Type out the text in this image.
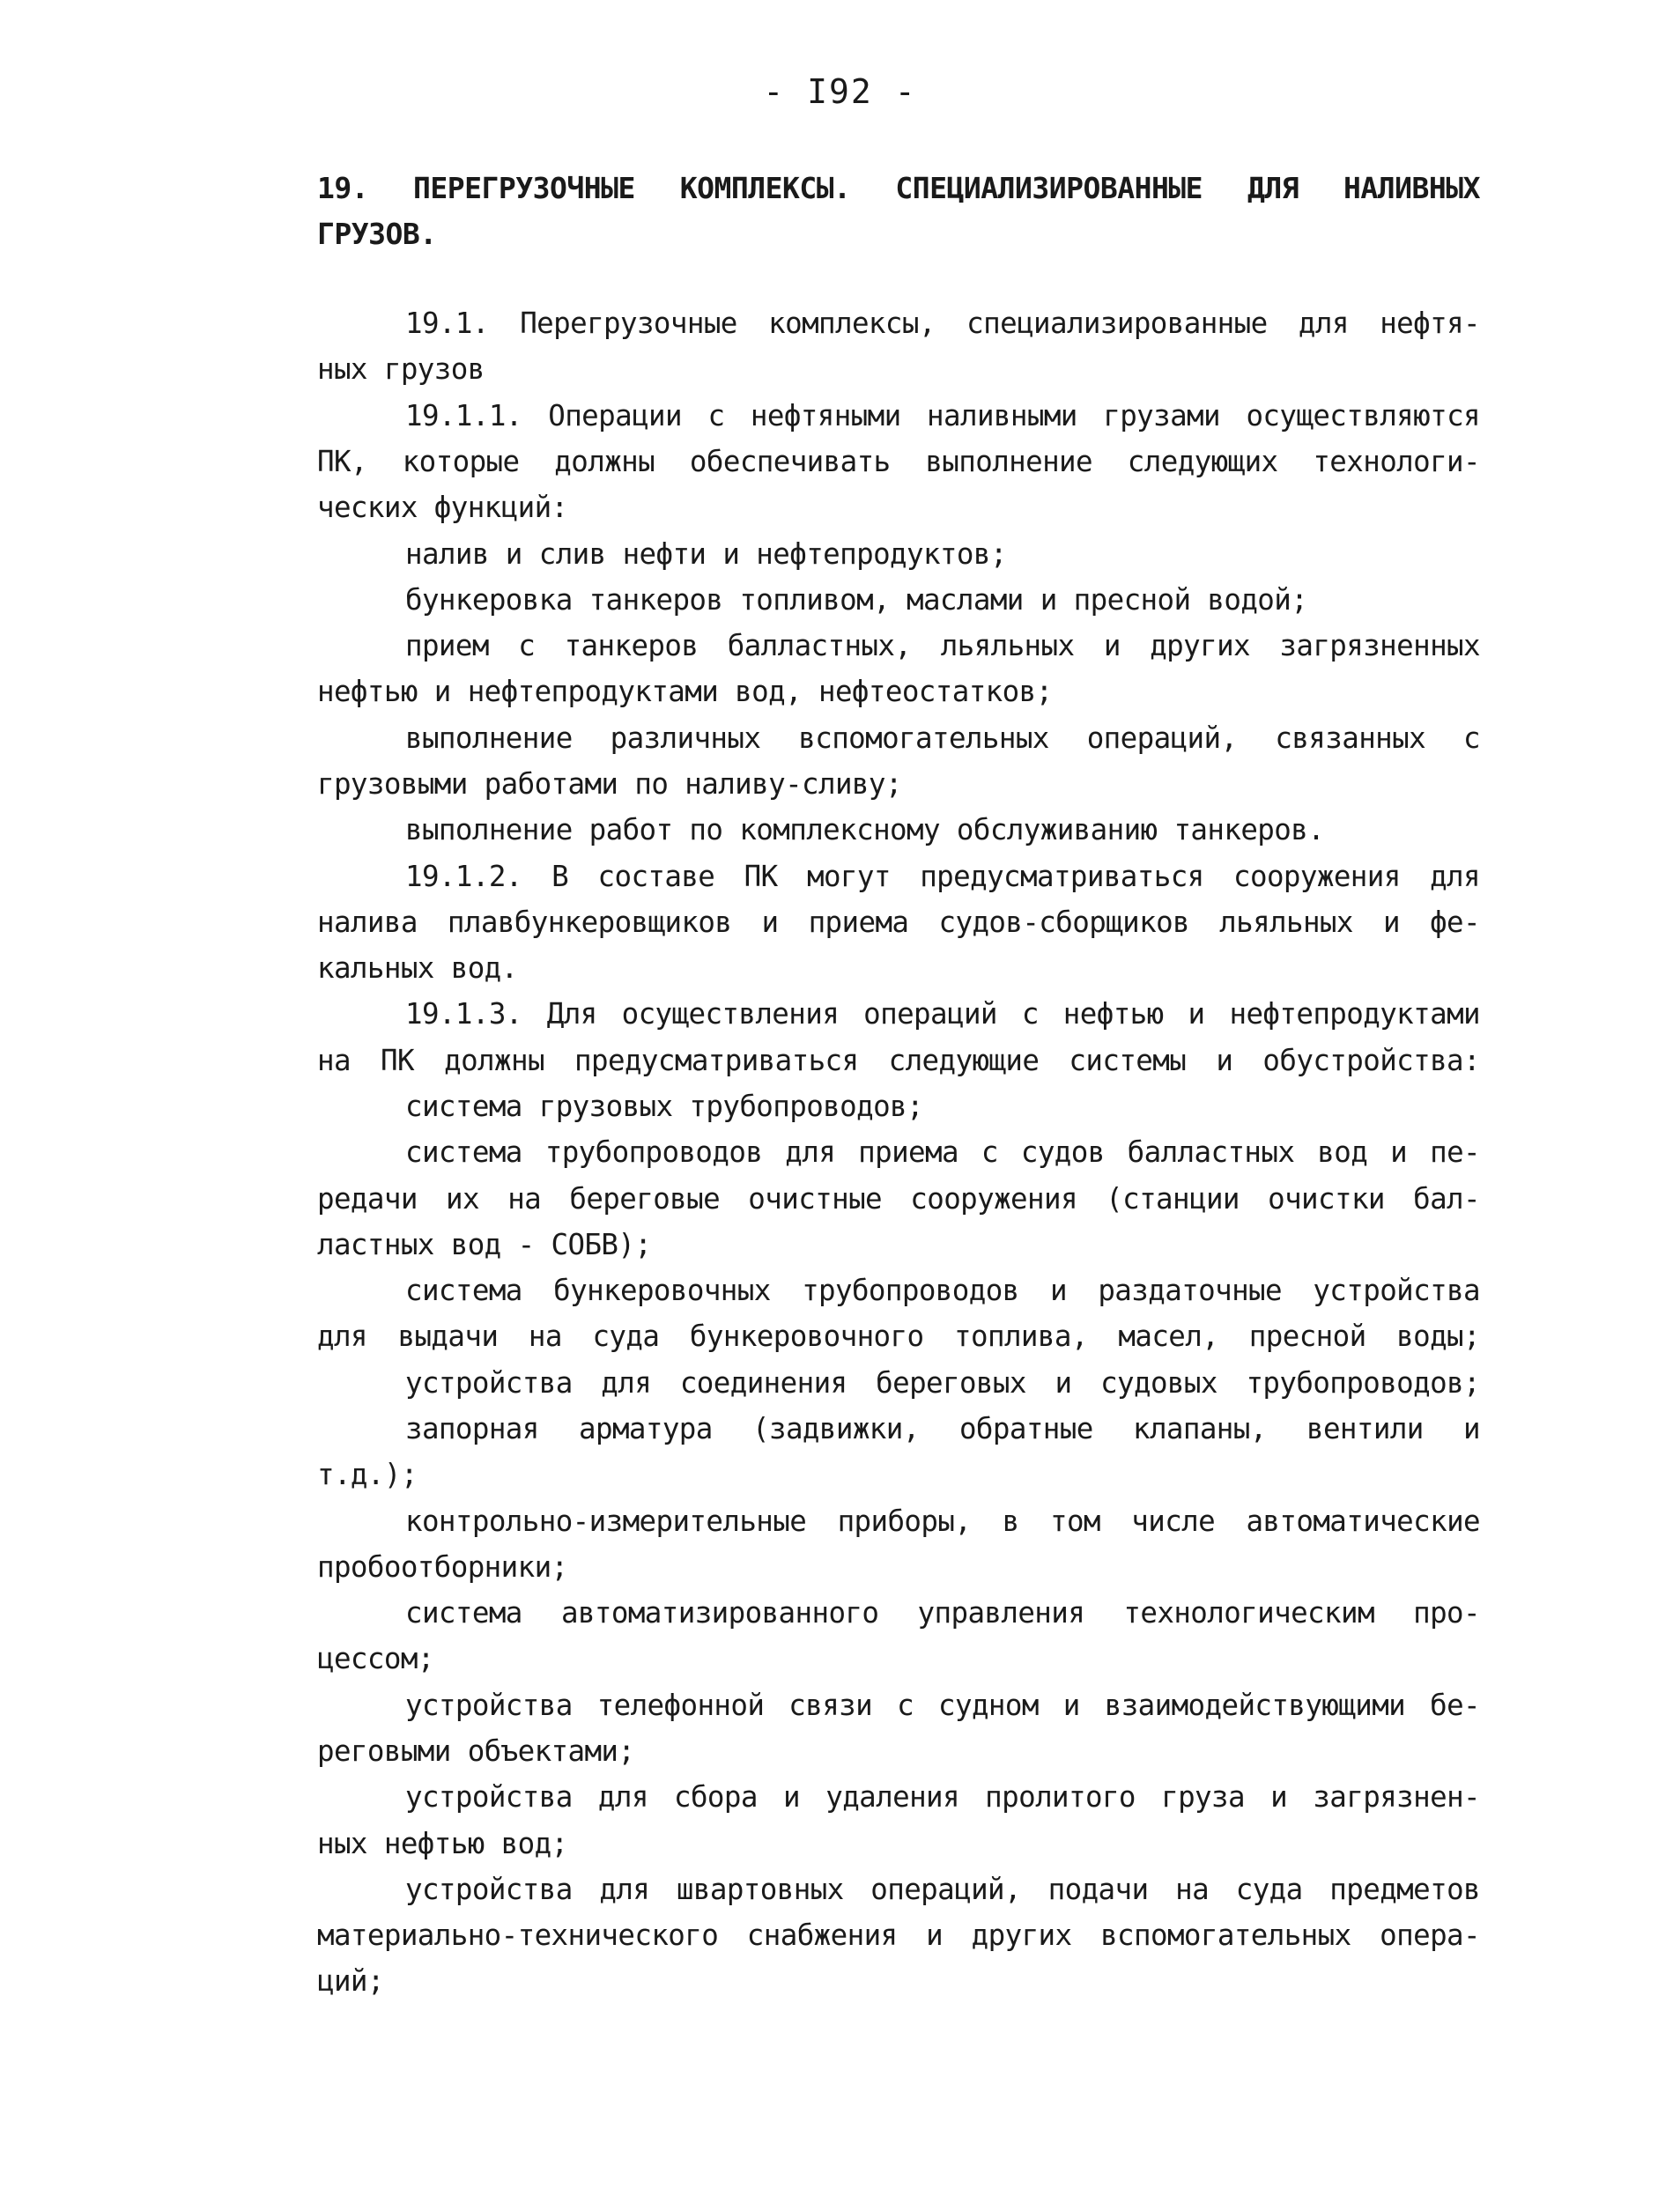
- I92 -
19. ПЕРЕГРУЗОЧНЫЕ КОМПЛЕКСЫ. СПЕЦИАЛИЗИРОВАННЫЕ ДЛЯ НАЛИВНЫХ
ГРУЗОВ.
19.1. Перегрузочные комплексы, специализированные для нефтя-
ных грузов
19.1.1. Операции с нефтяными наливными грузами осуществляются
ПК, которые должны обеспечивать выполнение следующих технологи-
ческих функций:
налив и слив нефти и нефтепродуктов;
бункеровка танкеров топливом, маслами и пресной водой;
прием с танкеров балластных, льяльных и других загрязненных
нефтью и нефтепродуктами вод, нефтеостатков;
выполнение различных вспомогательных операций, связанных с
грузовыми работами по наливу-сливу;
выполнение работ по комплексному обслуживанию танкеров.
19.1.2. В составе ПК могут предусматриваться сооружения для
налива плавбункеровщиков и приема судов-сборщиков льяльных и фе-
кальных вод.
19.1.3. Для осуществления операций с нефтью и нефтепродуктами
на ПК должны предусматриваться следующие системы и обустройства:
система грузовых трубопроводов;
система трубопроводов для приема с судов балластных вод и пе-
редачи их на береговые очистные сооружения (станции очистки бал-
ластных вод - СОБВ);
система бункеровочных трубопроводов и раздаточные устройства
для выдачи на суда бункеровочного топлива, масел, пресной воды;
устройства для соединения береговых и судовых трубопроводов;
запорная арматура (задвижки, обратные клапаны, вентили и
т.д.);
контрольно-измерительные приборы, в том числе автоматические
пробоотборники;
система автоматизированного управления технологическим про-
цессом;
устройства телефонной связи с судном и взаимодействующими бе-
реговыми объектами;
устройства для сбора и удаления пролитого груза и загрязнен-
ных нефтью вод;
устройства для швартовных операций, подачи на суда предметов
материально-технического снабжения и других вспомогательных опера-
ций;
